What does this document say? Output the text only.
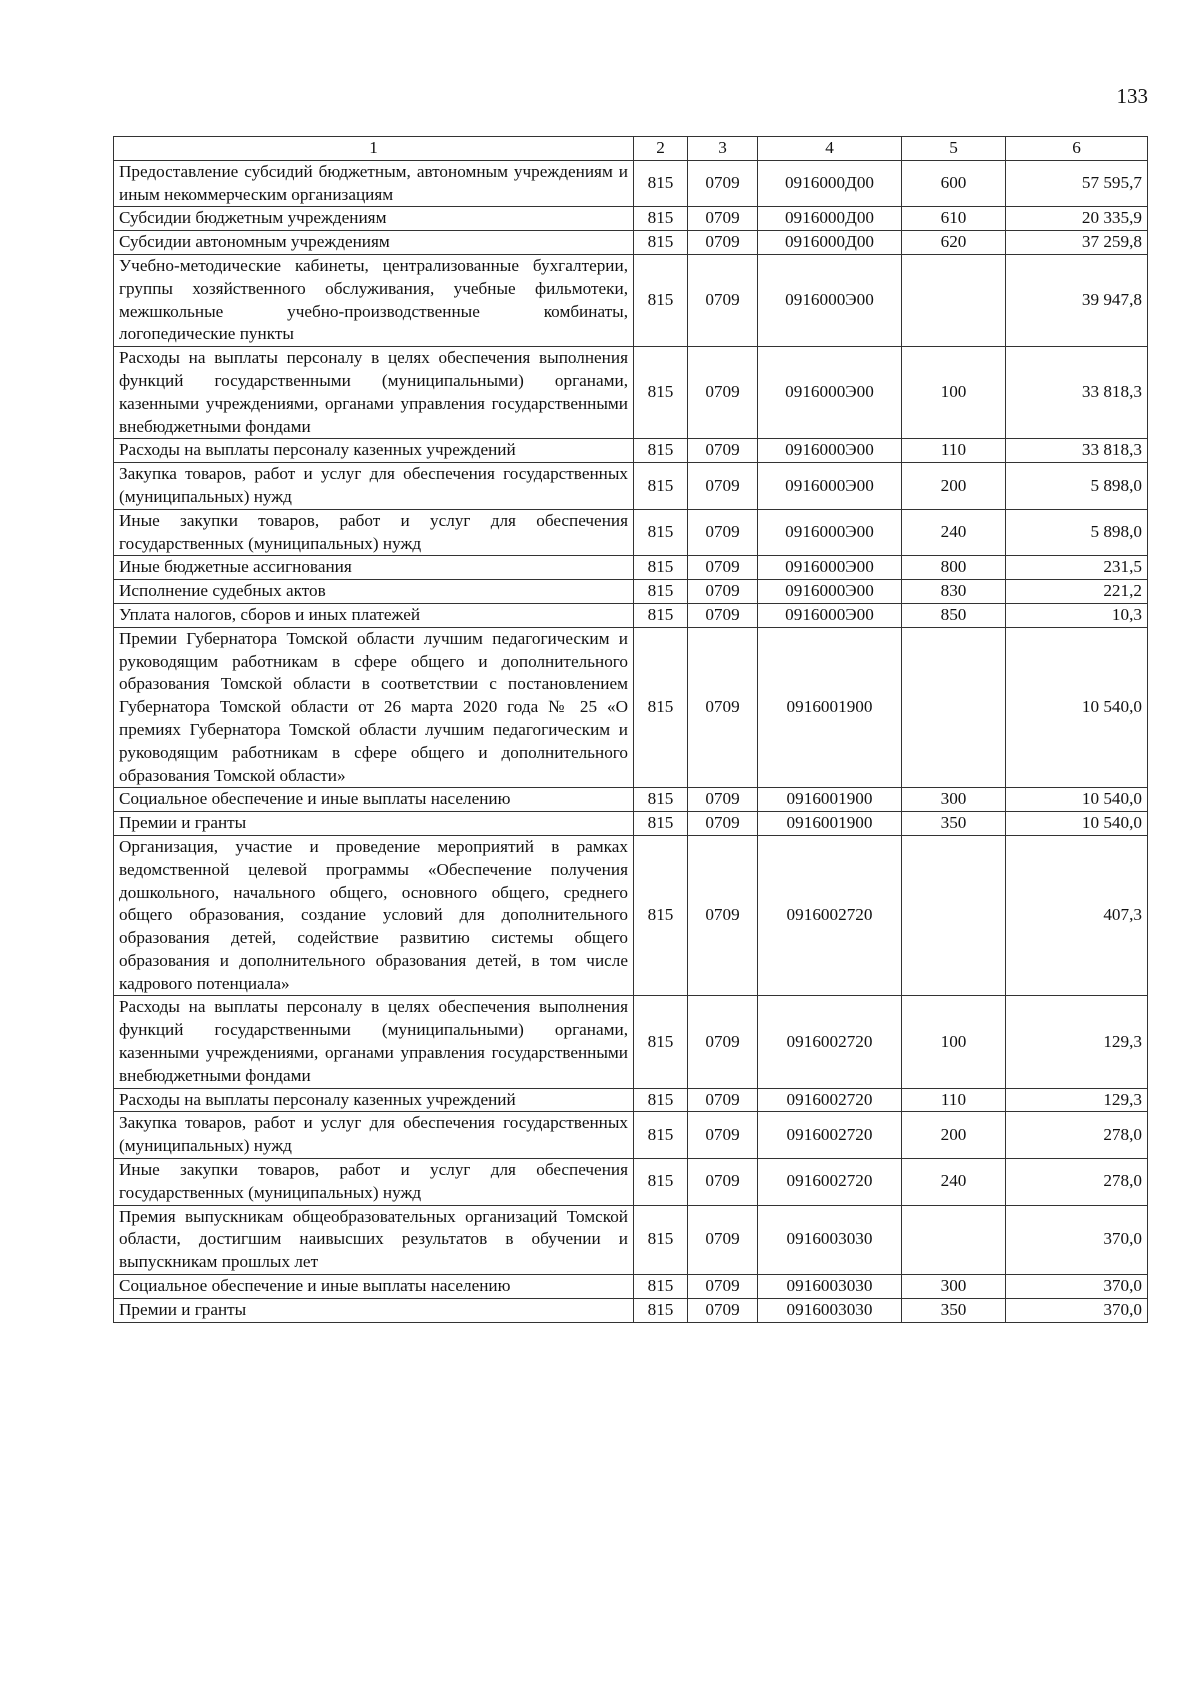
133
1	2	3	4	5	6
Предоставление субсидий бюджетным, автономным учреждениям и иным некоммерческим организациям	815	0709	0916000Д00	600	57 595,7
Субсидии бюджетным учреждениям	815	0709	0916000Д00	610	20 335,9
Субсидии автономным учреждениям	815	0709	0916000Д00	620	37 259,8
Учебно-методические кабинеты, централизованные бухгалтерии, группы хозяйственного обслуживания, учебные фильмотеки, межшкольные учебно-производственные комбинаты, логопедические пункты	815	0709	0916000Э00		39 947,8
Расходы на выплаты персоналу в целях обеспечения выполнения функций государственными (муниципальными) органами, казенными учреждениями, органами управления государственными внебюджетными фондами	815	0709	0916000Э00	100	33 818,3
Расходы на выплаты персоналу казенных учреждений	815	0709	0916000Э00	110	33 818,3
Закупка товаров, работ и услуг для обеспечения государственных (муниципальных) нужд	815	0709	0916000Э00	200	5 898,0
Иные закупки товаров, работ и услуг для обеспечения государственных (муниципальных) нужд	815	0709	0916000Э00	240	5 898,0
Иные бюджетные ассигнования	815	0709	0916000Э00	800	231,5
Исполнение судебных актов	815	0709	0916000Э00	830	221,2
Уплата налогов, сборов и иных платежей	815	0709	0916000Э00	850	10,3
Премии Губернатора Томской области лучшим педагогическим и руководящим работникам в сфере общего и дополнительного образования Томской области в соответствии с постановлением Губернатора Томской области от 26 марта 2020 года № 25 «О премиях Губернатора Томской области лучшим педагогическим и руководящим работникам в сфере общего и дополнительного образования Томской области»	815	0709	0916001900		10 540,0
Социальное обеспечение и иные выплаты населению	815	0709	0916001900	300	10 540,0
Премии и гранты	815	0709	0916001900	350	10 540,0
Организация, участие и проведение мероприятий в рамках ведомственной целевой программы «Обеспечение получения дошкольного, начального общего, основного общего, среднего общего образования, создание условий для дополнительного образования детей, содействие развитию системы общего образования и дополнительного образования детей, в том числе кадрового потенциала»	815	0709	0916002720		407,3
Расходы на выплаты персоналу в целях обеспечения выполнения функций государственными (муниципальными) органами, казенными учреждениями, органами управления государственными внебюджетными фондами	815	0709	0916002720	100	129,3
Расходы на выплаты персоналу казенных учреждений	815	0709	0916002720	110	129,3
Закупка товаров, работ и услуг для обеспечения государственных (муниципальных) нужд	815	0709	0916002720	200	278,0
Иные закупки товаров, работ и услуг для обеспечения государственных (муниципальных) нужд	815	0709	0916002720	240	278,0
Премия выпускникам общеобразовательных организаций Томской области, достигшим наивысших результатов в обучении и выпускникам прошлых лет	815	0709	0916003030		370,0
Социальное обеспечение и иные выплаты населению	815	0709	0916003030	300	370,0
Премии и гранты	815	0709	0916003030	350	370,0
